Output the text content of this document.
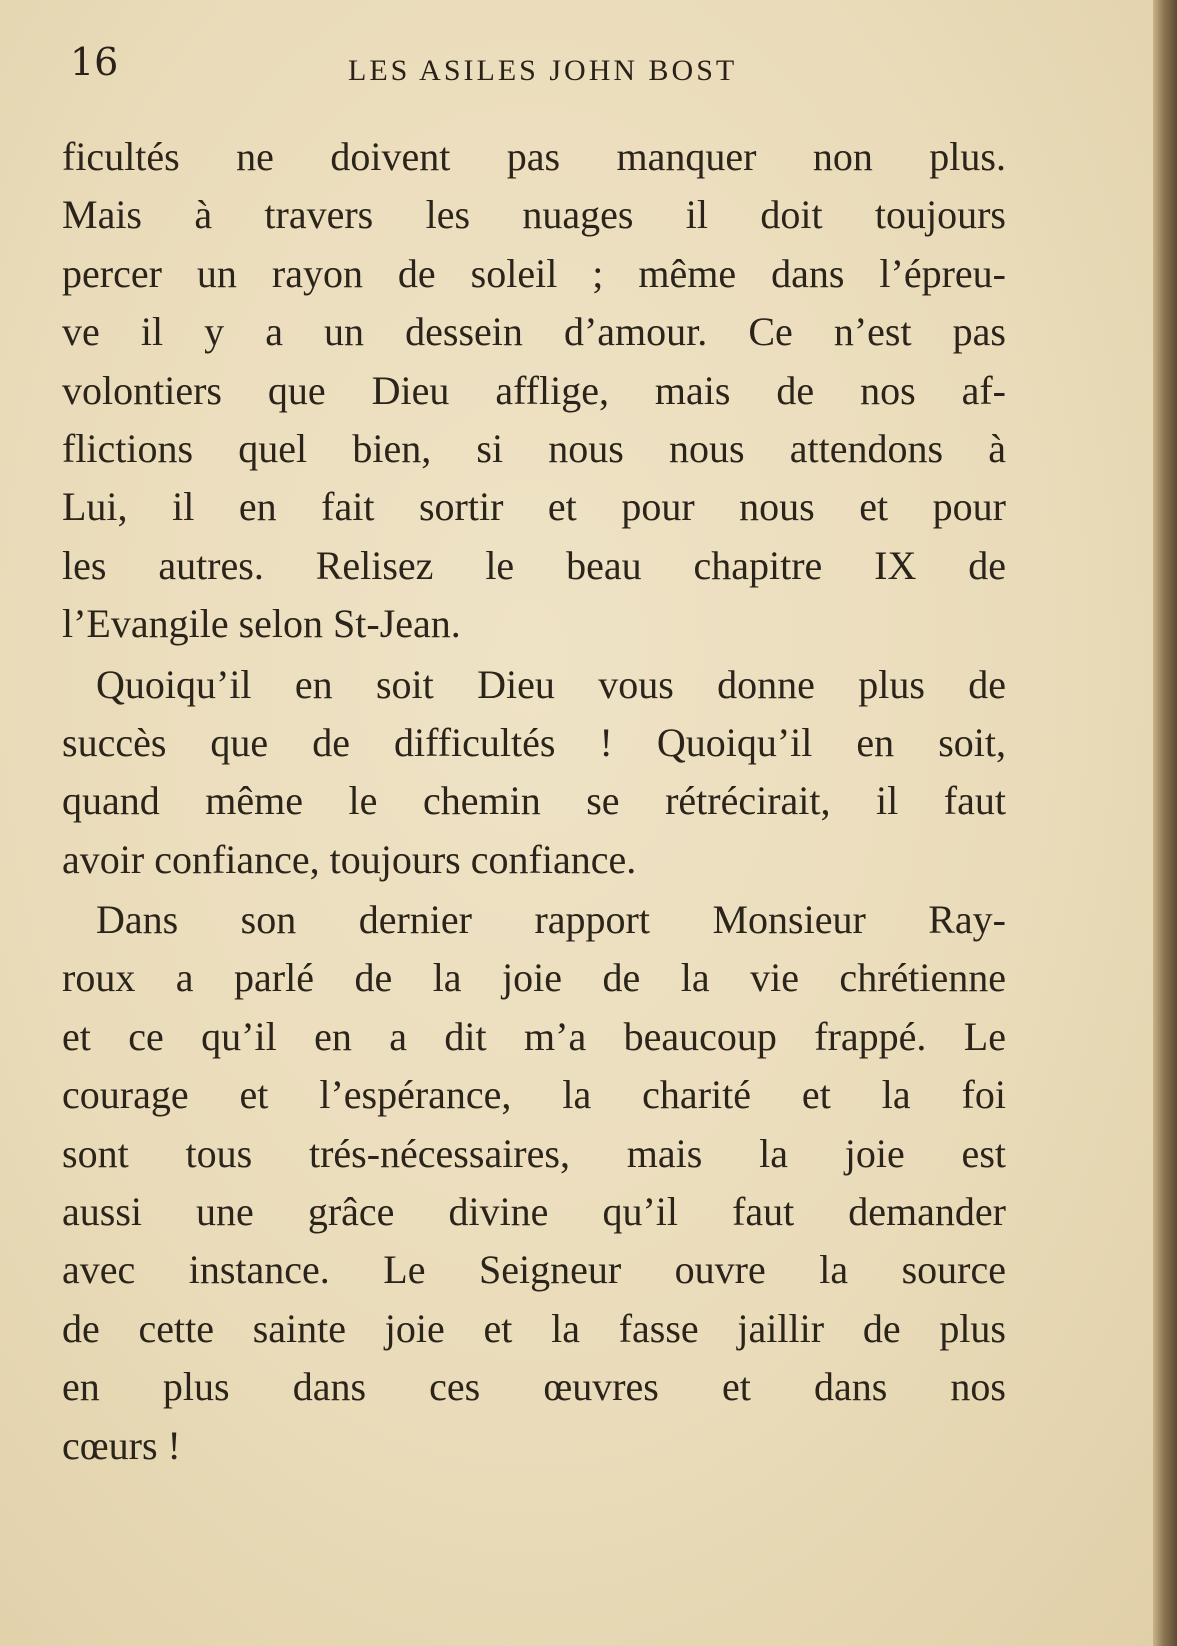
16	LES ASILES JOHN BOST

ficultés ne doivent pas manquer non plus.
Mais à travers les nuages il doit toujours
percer un rayon de soleil ; même dans l’épreu-
ve il y a un dessein d’amour. Ce n’est pas
volontiers que Dieu afflige, mais de nos af-
flictions quel bien, si nous nous attendons à
Lui, il en fait sortir et pour nous et pour
les autres. Relisez le beau chapitre IX de
l’Evangile selon St-Jean.

Quoiqu’il en soit Dieu vous donne plus de
succès que de difficultés ! Quoiqu’il en soit,
quand même le chemin se rétrécirait, il faut
avoir confiance, toujours confiance.

Dans son dernier rapport Monsieur Ray-
roux a parlé de la joie de la vie chrétienne
et ce qu’il en a dit m’a beaucoup frappé. Le
courage et l’espérance, la charité et la foi
sont tous trés-nécessaires, mais la joie est
aussi une grâce divine qu’il faut demander
avec instance. Le Seigneur ouvre la source
de cette sainte joie et la fasse jaillir de plus
en plus dans ces œuvres et dans nos
cœurs !
